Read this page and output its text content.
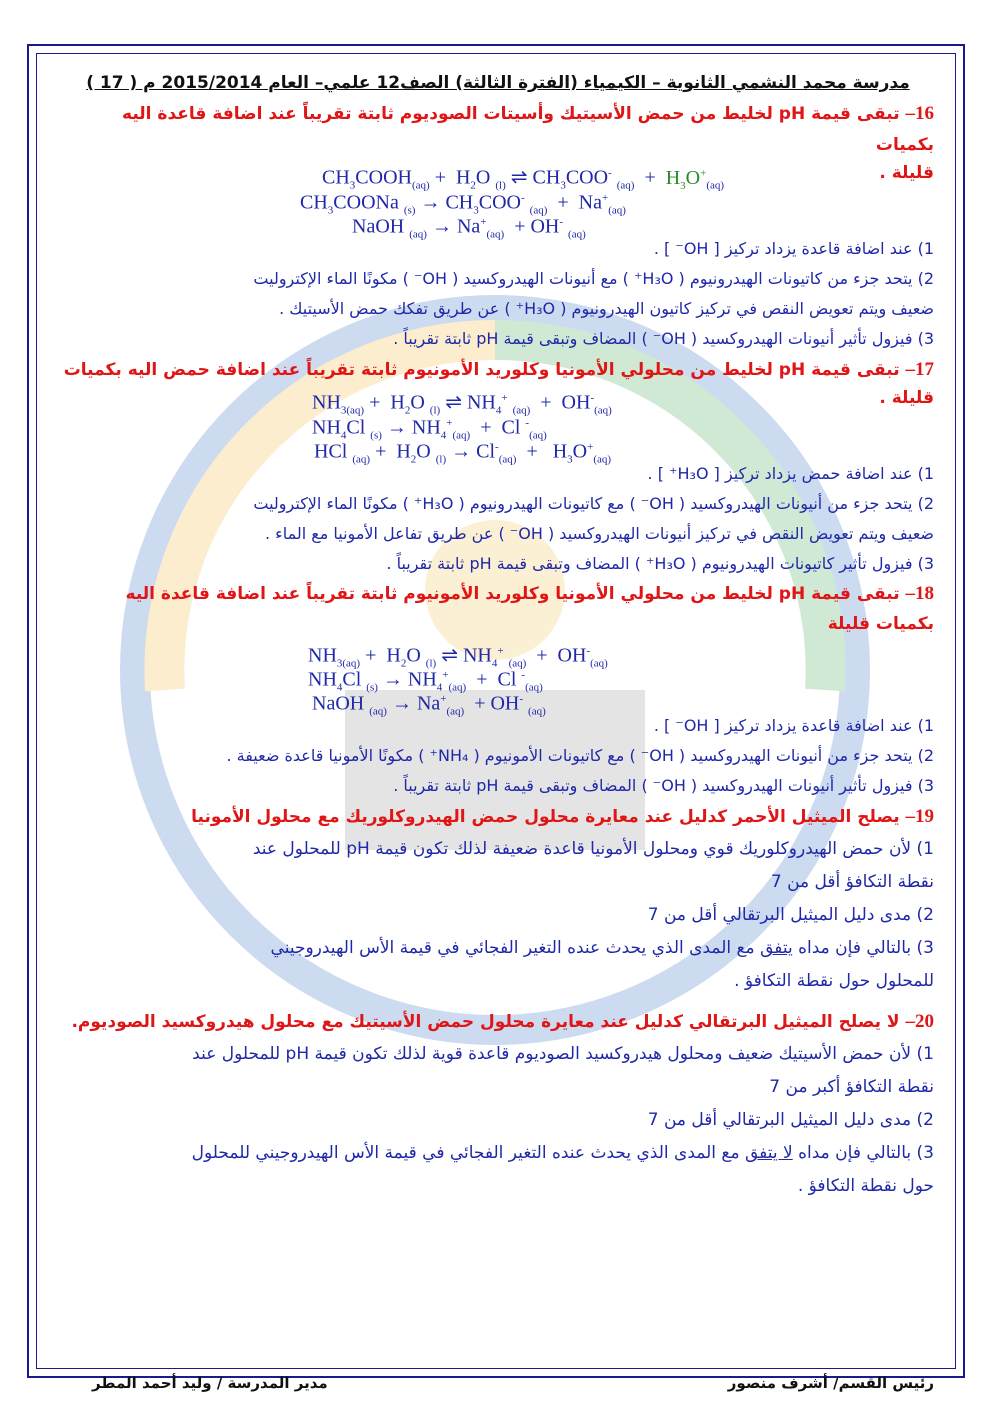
مدرسة محمد النشمي الثانوية – الكيمياء (الفترة الثالثة) الصف12 علمي– العام 2015/2014 م ( 17 )

16– تبقى قيمة pH لخليط من حمض الأسيتيك وأسيتات الصوديوم ثابتة تقريباً عند اضافة قاعدة اليه بكميات

قليلة .
$CH_3COOH_{(aq)} + H_2O$ $_{(l)}$ ⇌ $CH_3COO^-$ $_{(aq)} + H_3O^+_{(aq)}$
$CH_3COONa$ $_{(s)} \to CH_3COO^-$ $_{(aq)} + Na^+_{(aq)}$
NaOH $_{(aq)} \to Na^+_{(aq)} + OH^-$ $_{(aq)}$

1) عند اضافة قاعدة يزداد تركيز [ OH⁻ ] .

2) يتحد جزء من كاتيونات الهيدرونيوم ( H₃O⁺ ) مع أنيونات الهيدروكسيد ( OH⁻ ) مكونًا الماء الإكتروليت

ضعيف ويتم تعويض النقص في تركيز كاتيون الهيدرونيوم ( H₃O⁺ ) عن طريق تفكك حمض الأسيتيك .

3) فيزول تأثير أنيونات الهيدروكسيد ( OH⁻ ) المضاف وتبقى قيمة pH ثابتة تقريباً .

17– تبقى قيمة pH لخليط من محلولي الأمونيا وكلوريد الأمونيوم ثابتة تقريباً عند اضافة حمض اليه بكميات

قليلة .
$NH_{3(aq)} + H_2O$ $_{(l)}$ ⇌ $NH_4^+$ $_{(aq)} + OH^-_{(aq)}$
$NH_4Cl$ $_{(s)} \to NH_4^+_{(aq)} + Cl$ -$_{(aq)}$
HCl $_{(aq)} + H_2O$ $_{(l)} \to Cl^-_{(aq)} + H_3O^+_{(aq)}$

1) عند اضافة حمض يزداد تركيز [ H₃O⁺ ] .

2) يتحد جزء من أنيونات الهيدروكسيد ( OH⁻ ) مع كاتيونات الهيدرونيوم ( H₃O⁺ ) مكونًا الماء الإكتروليت

ضعيف ويتم تعويض النقص في تركيز أنيونات الهيدروكسيد ( OH⁻ ) عن طريق تفاعل الأمونيا مع الماء .

3) فيزول تأثير كاتيونات الهيدرونيوم ( H₃O⁺ ) المضاف وتبقى قيمة pH ثابتة تقريباً .

18– تبقى قيمة pH لخليط من محلولي الأمونيا وكلوريد الأمونيوم ثابتة تقريباً عند اضافة قاعدة اليه بكميات قليلة

$NH_{3(aq)} + H_2O$ $_{(l)}$ ⇌ $NH_4^+$ $_{(aq)} + OH^-_{(aq)}$
$NH_4Cl$ $_{(s)} \to NH_4^+_{(aq)} + Cl$ -$_{(aq)}$
NaOH $_{(aq)} \to Na^+_{(aq)} + OH^-$ $_{(aq)}$

1) عند اضافة قاعدة يزداد تركيز [ OH⁻ ] .

2) يتحد جزء من أنيونات الهيدروكسيد ( OH⁻ ) مع كاتيونات الأمونيوم ( NH₄⁺ ) مكونًا الأمونيا قاعدة ضعيفة .

3) فيزول تأثير أنيونات الهيدروكسيد ( OH⁻ ) المضاف وتبقى قيمة pH ثابتة تقريباً .

19– يصلح الميثيل الأحمر كدليل عند معايرة محلول حمض الهيدروكلوريك مع محلول الأمونيا

1) لأن حمض الهيدروكلوريك قوي ومحلول الأمونيا قاعدة ضعيفة لذلك تكون قيمة pH للمحلول عند

نقطة التكافؤ أقل من 7

2) مدى دليل الميثيل البرتقالي أقل من 7

3) بالتالي فإن مداه يتفق مع المدى الذي يحدث عنده التغير الفجائي في قيمة الأس الهيدروجيني

للمحلول حول نقطة التكافؤ .

20– لا يصلح الميثيل البرتقالي كدليل عند معايرة محلول حمض الأسيتيك مع محلول هيدروكسيد الصوديوم.

1) لأن حمض الأسيتيك ضعيف ومحلول هيدروكسيد الصوديوم قاعدة قوية لذلك تكون قيمة pH للمحلول عند

نقطة التكافؤ أكبر من 7

2) مدى دليل الميثيل البرتقالي أقل من 7

3) بالتالي فإن مداه لا يتفق مع المدى الذي يحدث عنده التغير الفجائي في قيمة الأس الهيدروجيني للمحلول

حول نقطة التكافؤ .

رئيس القسم/ أشرف منصور
مدير المدرسة / وليد أحمد المطر
